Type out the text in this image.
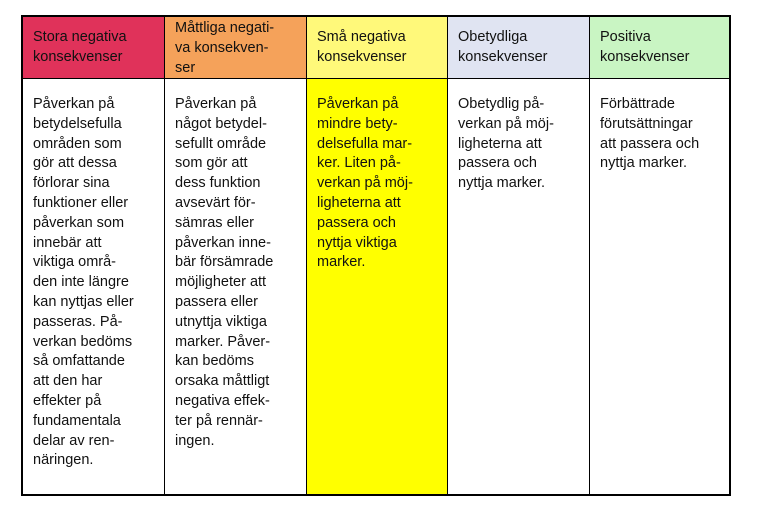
Stora negativa
konsekvenser
Måttliga negati-
va konsekven-
ser
Små negativa
konsekvenser
Obetydliga
konsekvenser
Positiva
konsekvenser
Påverkan på
betydelsefulla
områden som
gör att dessa
förlorar sina
funktioner eller
påverkan som
innebär att
viktiga områ-
den inte längre
kan nyttjas eller
passeras. På-
verkan bedöms
så omfattande
att den har
effekter på
fundamentala
delar av ren-
näringen.
Påverkan på
något betydel-
sefullt område
som gör att
dess funktion
avsevärt för-
sämras eller
påverkan inne-
bär försämrade
möjligheter att
passera eller
utnyttja viktiga
marker. Påver-
kan bedöms
orsaka måttligt
negativa effek-
ter på rennär-
ingen.
Påverkan på
mindre bety-
delsefulla mar-
ker. Liten på-
verkan på möj-
ligheterna att
passera och
nyttja viktiga
marker.
Obetydlig på-
verkan på möj-
ligheterna att
passera och
nyttja marker.
Förbättrade
förutsättningar
att passera och
nyttja marker.
